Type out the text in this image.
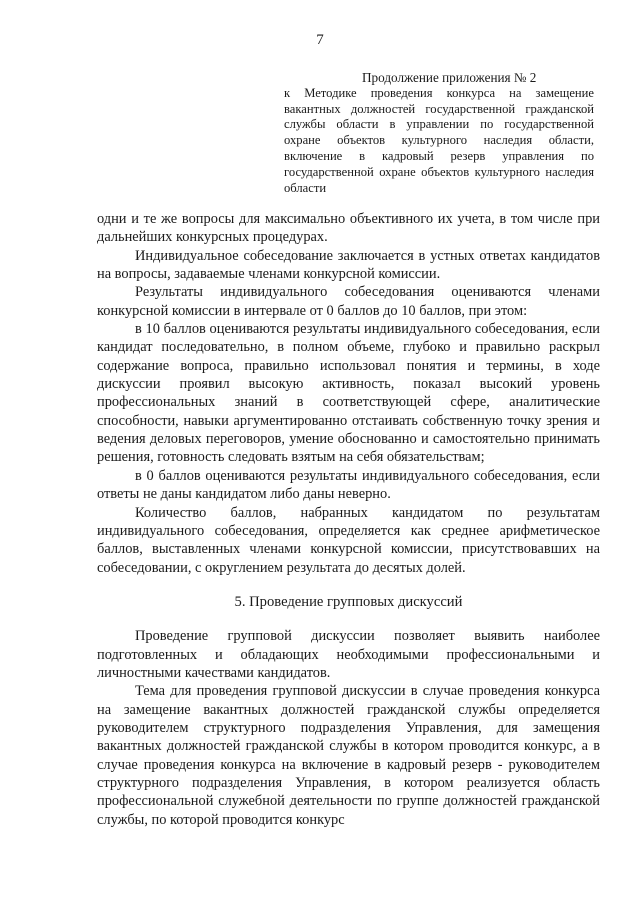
7
Продолжение приложения № 2
к Методике проведения конкурса на замещение вакантных должностей государственной гражданской службы области в управлении по государственной охране объектов культурного наследия области, включение в кадровый резерв управления по государственной охране объектов культурного наследия области

одни и те же вопросы для максимально объективного их учета, в том числе при дальнейших конкурсных процедурах.

Индивидуальное собеседование заключается в устных ответах кандидатов на вопросы, задаваемые членами конкурсной комиссии.

Результаты индивидуального собеседования оцениваются членами конкурсной комиссии в интервале от 0 баллов до 10 баллов, при этом:

в 10 баллов оцениваются результаты индивидуального собеседования, если кандидат последовательно, в полном объеме, глубоко и правильно раскрыл содержание вопроса, правильно использовал понятия и термины, в ходе дискуссии проявил высокую активность, показал высокий уровень профессиональных знаний в соответствующей сфере, аналитические способности, навыки аргументированно отстаивать собственную точку зрения и ведения деловых переговоров, умение обоснованно и самостоятельно принимать решения, готовность следовать взятым на себя обязательствам;

в 0 баллов оцениваются результаты индивидуального собеседования, если ответы не даны кандидатом либо даны неверно.

Количество баллов, набранных кандидатом по результатам индивидуального собеседования, определяется как среднее арифметическое баллов, выставленных членами конкурсной комиссии, присутствовавших на собеседовании, с округлением результата до десятых долей.

5. Проведение групповых дискуссий

Проведение групповой дискуссии позволяет выявить наиболее подготовленных и обладающих необходимыми профессиональными и личностными качествами кандидатов.

Тема для проведения групповой дискуссии в случае проведения конкурса на замещение вакантных должностей гражданской службы определяется руководителем структурного подразделения Управления, для замещения вакантных должностей гражданской службы в котором проводится конкурс, а в случае проведения конкурса на включение в кадровый резерв - руководителем структурного подразделения Управления, в котором реализуется область профессиональной служебной деятельности по группе должностей гражданской службы, по которой проводится конкурс
